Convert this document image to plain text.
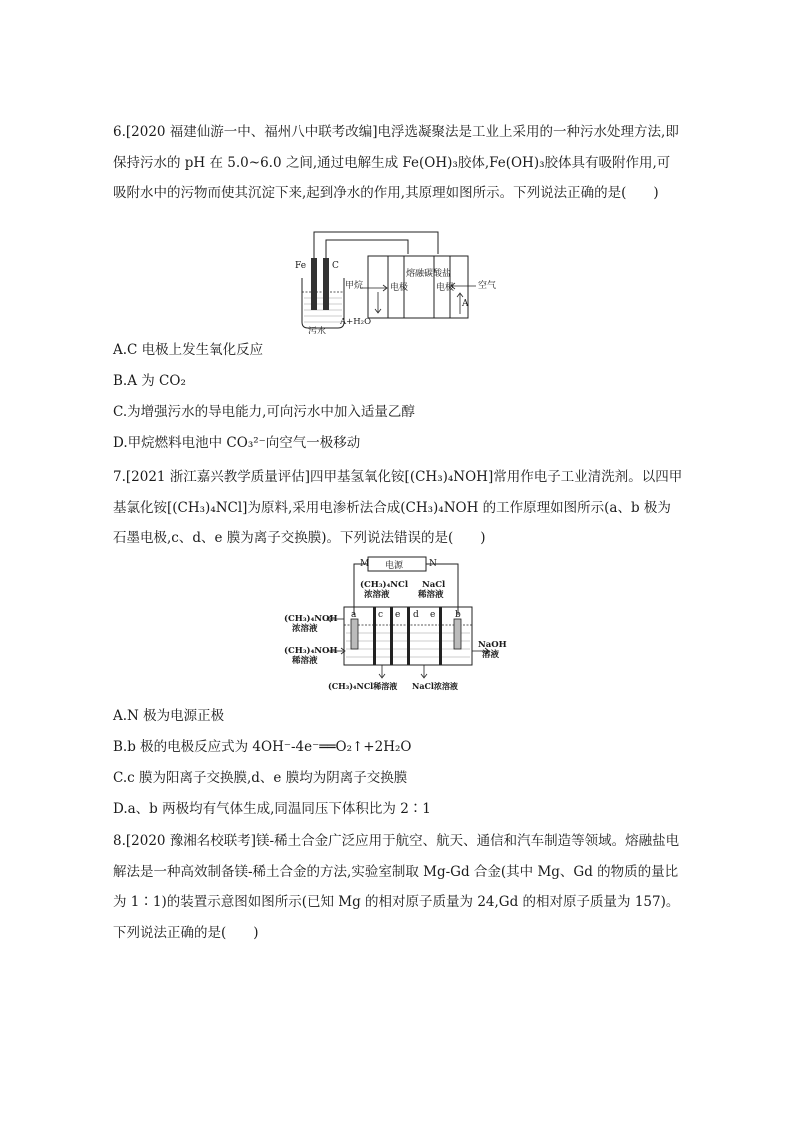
6.[2020 福建仙游一中、福州八中联考改编]电浮选凝聚法是工业上采用的一种污水处理方法,即保持污水的 pH 在 5.0~6.0 之间,通过电解生成 Fe(OH)₃胶体,Fe(OH)₃胶体具有吸附作用,可吸附水中的污物而使其沉淀下来,起到净水的作用,其原理如图所示。下列说法正确的是(　　)
Fe	C
甲烷	电极
熔融碳酸盐
电极	空气
A
A+H₂O
污水
A.C 电极上发生氧化反应
B.A 为 CO₂
C.为增强污水的导电能力,可向污水中加入适量乙醇
D.甲烷燃料电池中 CO₃²⁻向空气一极移动
7.[2021 浙江嘉兴教学质量评估]四甲基氢氧化铵[(CH₃)₄NOH]常用作电子工业清洗剂。以四甲基氯化铵[(CH₃)₄NCl]为原料,采用电渗析法合成(CH₃)₄NOH 的工作原理如图所示(a、b 极为石墨电极,c、d、e 膜为离子交换膜)。下列说法错误的是(　　)
M	N
电源
(CH₃)₄NCl
浓溶液
NaCl
稀溶液
a c e d e b
(CH₃)₄NOH
浓溶液
(CH₃)₄NOH
稀溶液
NaOH
溶液
(CH₃)₄NCl稀溶液 NaCl浓溶液
A.N 极为电源正极
B.b 极的电极反应式为 4OH⁻-4e⁻══O₂↑+2H₂O
C.c 膜为阳离子交换膜,d、e 膜均为阴离子交换膜
D.a、b 两极均有气体生成,同温同压下体积比为 2∶1
8.[2020 豫湘名校联考]镁-稀土合金广泛应用于航空、航天、通信和汽车制造等领域。熔融盐电解法是一种高效制备镁-稀土合金的方法,实验室制取 Mg-Gd 合金(其中 Mg、Gd 的物质的量比为 1∶1)的装置示意图如图所示(已知 Mg 的相对原子质量为 24,Gd 的相对原子质量为 157)。下列说法正确的是(　　)
